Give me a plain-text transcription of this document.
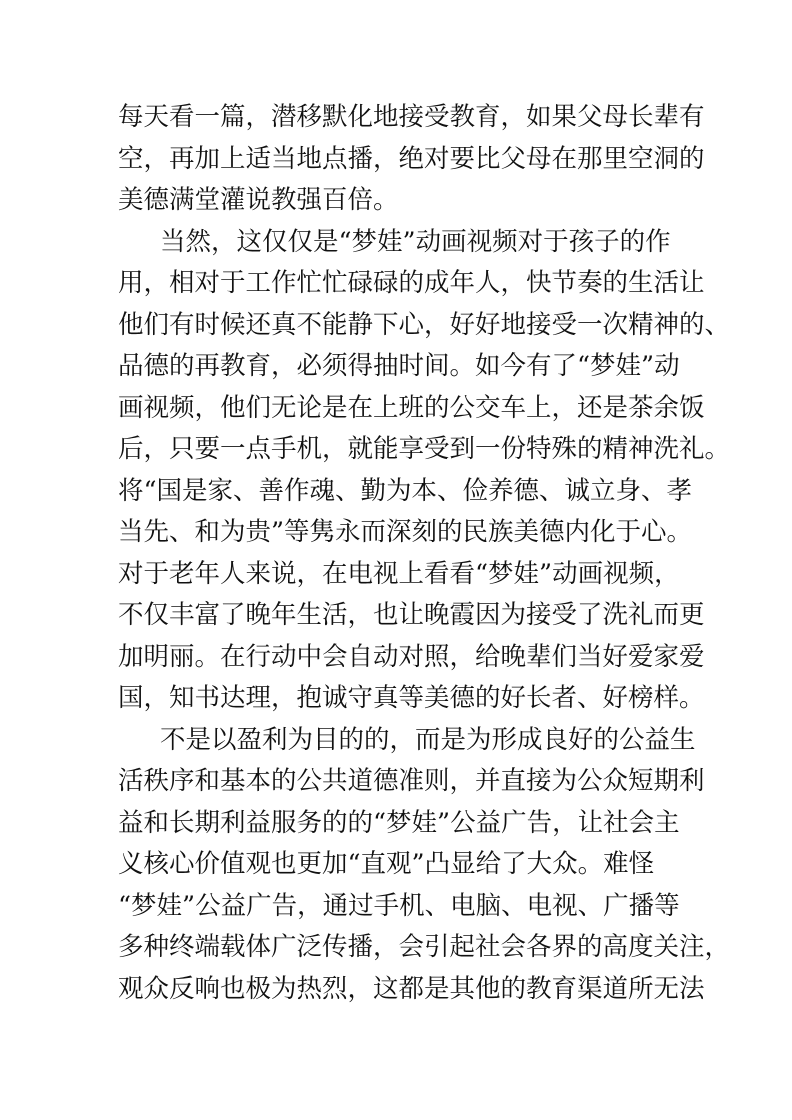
每天看一篇，潜移默化地接受教育，如果父母长辈有
空，再加上适当地点播，绝对要比父母在那里空洞的
美德满堂灌说教强百倍。
当然，这仅仅是“梦娃”动画视频对于孩子的作
用，相对于工作忙忙碌碌的成年人，快节奏的生活让
他们有时候还真不能静下心，好好地接受一次精神的、
品德的再教育，必须得抽时间。如今有了“梦娃”动
画视频，他们无论是在上班的公交车上，还是茶余饭
后，只要一点手机，就能享受到一份特殊的精神洗礼。
将“国是家、善作魂、勤为本、俭养德、诚立身、孝
当先、和为贵”等隽永而深刻的民族美德内化于心。
对于老年人来说，在电视上看看“梦娃”动画视频，
不仅丰富了晚年生活，也让晚霞因为接受了洗礼而更
加明丽。在行动中会自动对照，给晚辈们当好爱家爱
国，知书达理，抱诚守真等美德的好长者、好榜样。
不是以盈利为目的的，而是为形成良好的公益生
活秩序和基本的公共道德准则，并直接为公众短期利
益和长期利益服务的的“梦娃”公益广告，让社会主
义核心价值观也更加“直观”凸显给了大众。难怪
“梦娃”公益广告，通过手机、电脑、电视、广播等
多种终端载体广泛传播，会引起社会各界的高度关注，
观众反响也极为热烈，这都是其他的教育渠道所无法
